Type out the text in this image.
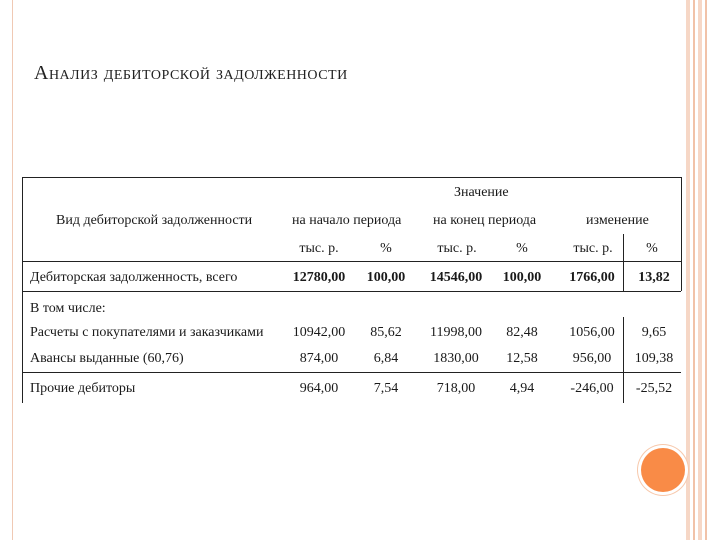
Анализ дебиторской задолженности
Значение
Вид дебиторской задолженности	на начало периода на конец периода	изменение
тыс. р.	%	тыс. р.	%	тыс. р.	%
Дебиторская задолженность, всего	12780,00	100,00	14546,00	100,00	1766,00	13,82
В том числе:
Расчеты с покупателями и заказчиками	10942,00	85,62	11998,00	82,48	1056,00	9,65
Авансы выданные (60,76)	874,00	6,84	1830,00	12,58	956,00	109,38
Прочие дебиторы	964,00	7,54	718,00	4,94	-246,00	-25,52
